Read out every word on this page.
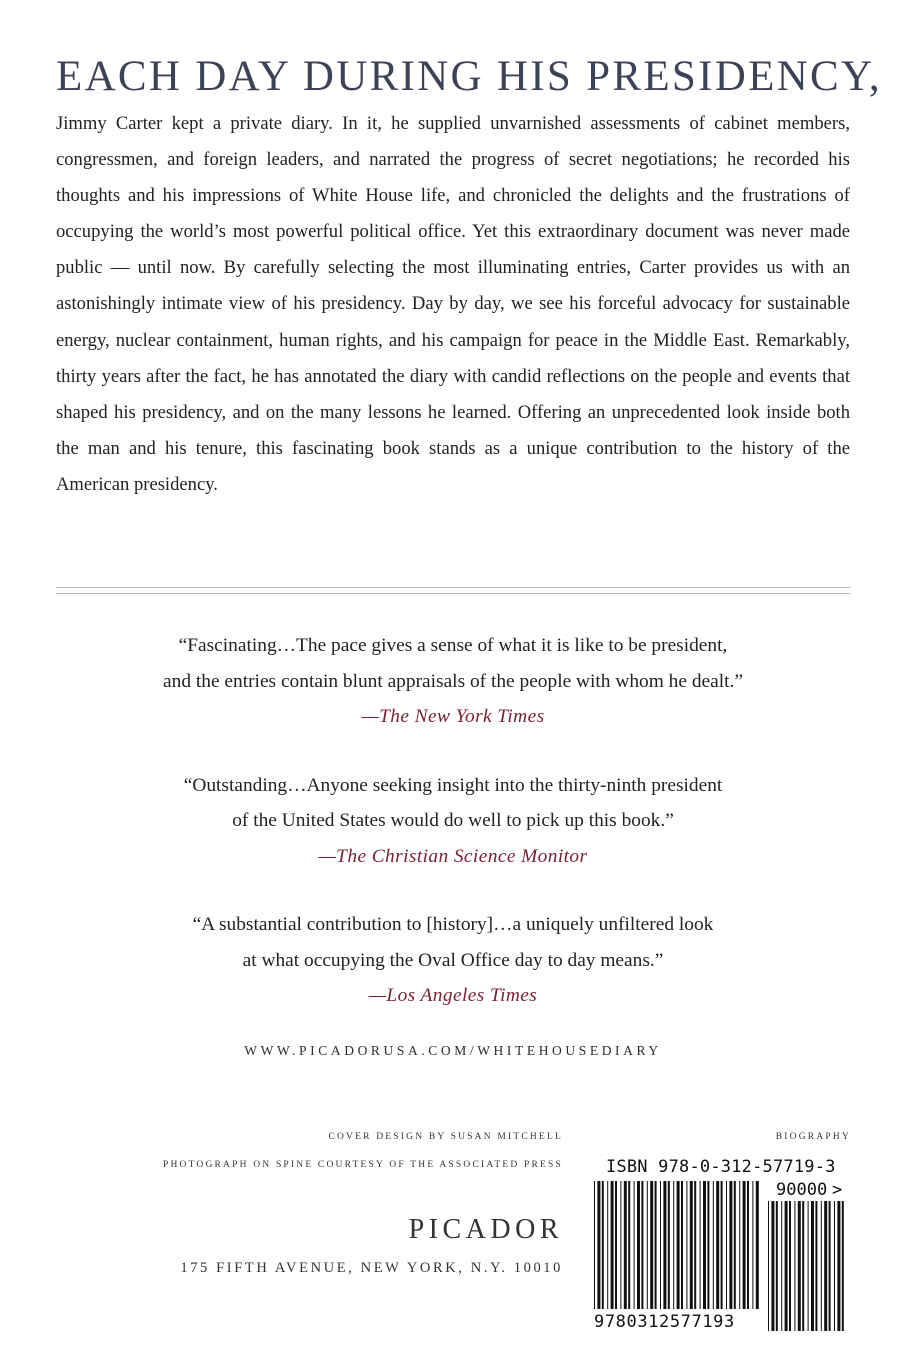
EACH DAY DURING HIS PRESIDENCY,
Jimmy Carter kept a private diary. In it, he supplied unvarnished assessments of cabinet members, congressmen, and foreign leaders, and narrated the progress of secret negotiations; he recorded his thoughts and his impressions of White House life, and chronicled the delights and the frustrations of occupying the world’s most powerful political office. Yet this extraordinary document was never made public — until now. By carefully selecting the most illuminating entries, Carter provides us with an astonishingly intimate view of his presidency. Day by day, we see his forceful advocacy for sustainable energy, nuclear containment, human rights, and his campaign for peace in the Middle East. Remarkably, thirty years after the fact, he has annotated the diary with candid reflections on the people and events that shaped his presidency, and on the many lessons he learned. Offering an unprecedented look inside both the man and his tenure, this fascinating book stands as a unique contribution to the history of the American presidency.

“Fascinating…The pace gives a sense of what it is like to be president,

and the entries contain blunt appraisals of the people with whom he dealt.”

—The New York Times

“Outstanding…Anyone seeking insight into the thirty-ninth president

of the United States would do well to pick up this book.”

—The Christian Science Monitor

“A substantial contribution to [history]…a uniquely unfiltered look

at what occupying the Oval Office day to day means.”

—Los Angeles Times
WWW.PICADORUSA.COM/WHITEHOUSEDIARY
COVER DESIGN BY SUSAN MITCHELL
PHOTOGRAPH ON SPINE COURTESY OF THE ASSOCIATED PRESS
BIOGRAPHY
PICADOR
175 FIFTH AVENUE, NEW YORK, N.Y. 10010
ISBN 978-0-312-57719-3
90000 >
9780312577193
